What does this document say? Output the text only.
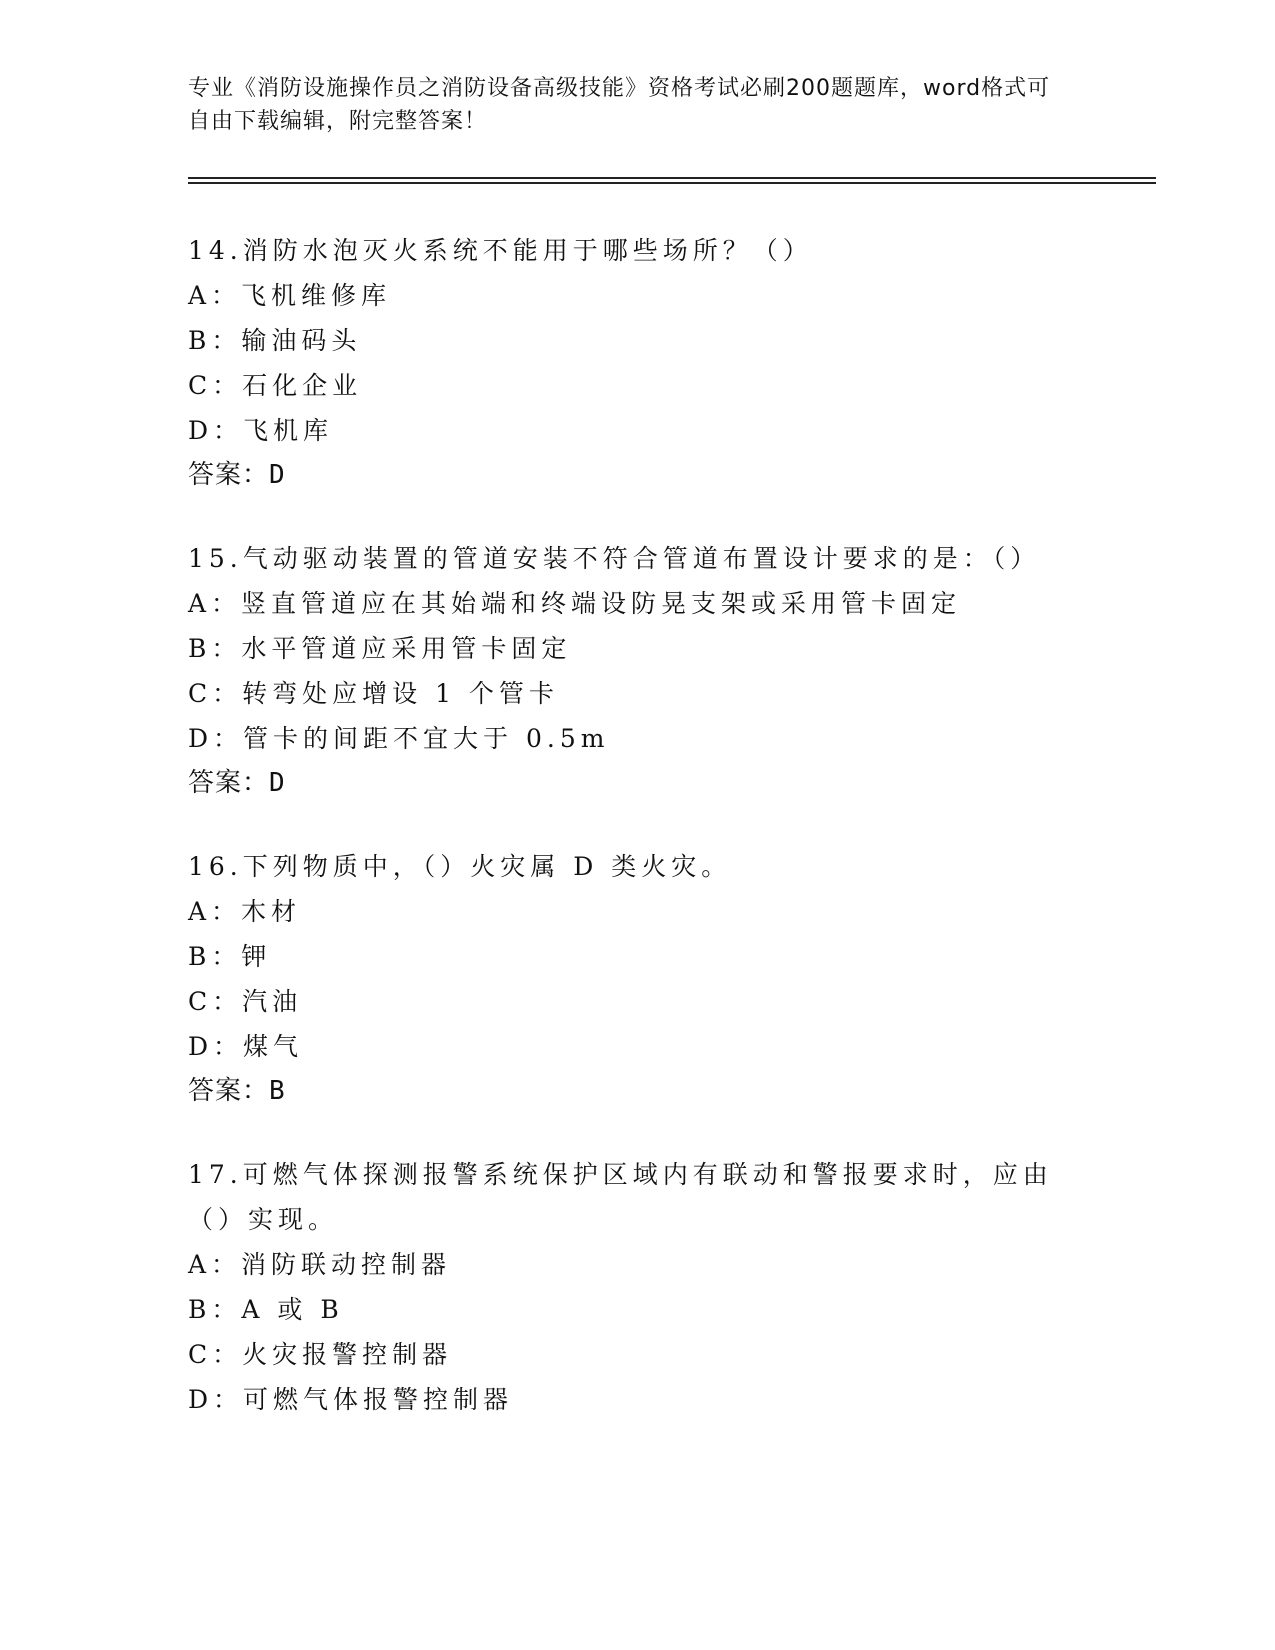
专业《消防设施操作员之消防设备高级技能》资格考试必刷200题题库，word格式可自由下载编辑，附完整答案！
14.消防水泡灭火系统不能用于哪些场所？（）
A：飞机维修库
B：输油码头
C：石化企业
D：飞机库
答案：D
15.气动驱动装置的管道安装不符合管道布置设计要求的是：（）
A：竖直管道应在其始端和终端设防晃支架或采用管卡固定
B：水平管道应采用管卡固定
C：转弯处应增设 1 个管卡
D：管卡的间距不宜大于 0.5m
答案：D
16.下列物质中，（）火灾属 D 类火灾。
A：木材
B：钾
C：汽油
D：煤气
答案：B
17.可燃气体探测报警系统保护区域内有联动和警报要求时，应由（）实现。
A：消防联动控制器
B：A 或 B
C：火灾报警控制器
D：可燃气体报警控制器
